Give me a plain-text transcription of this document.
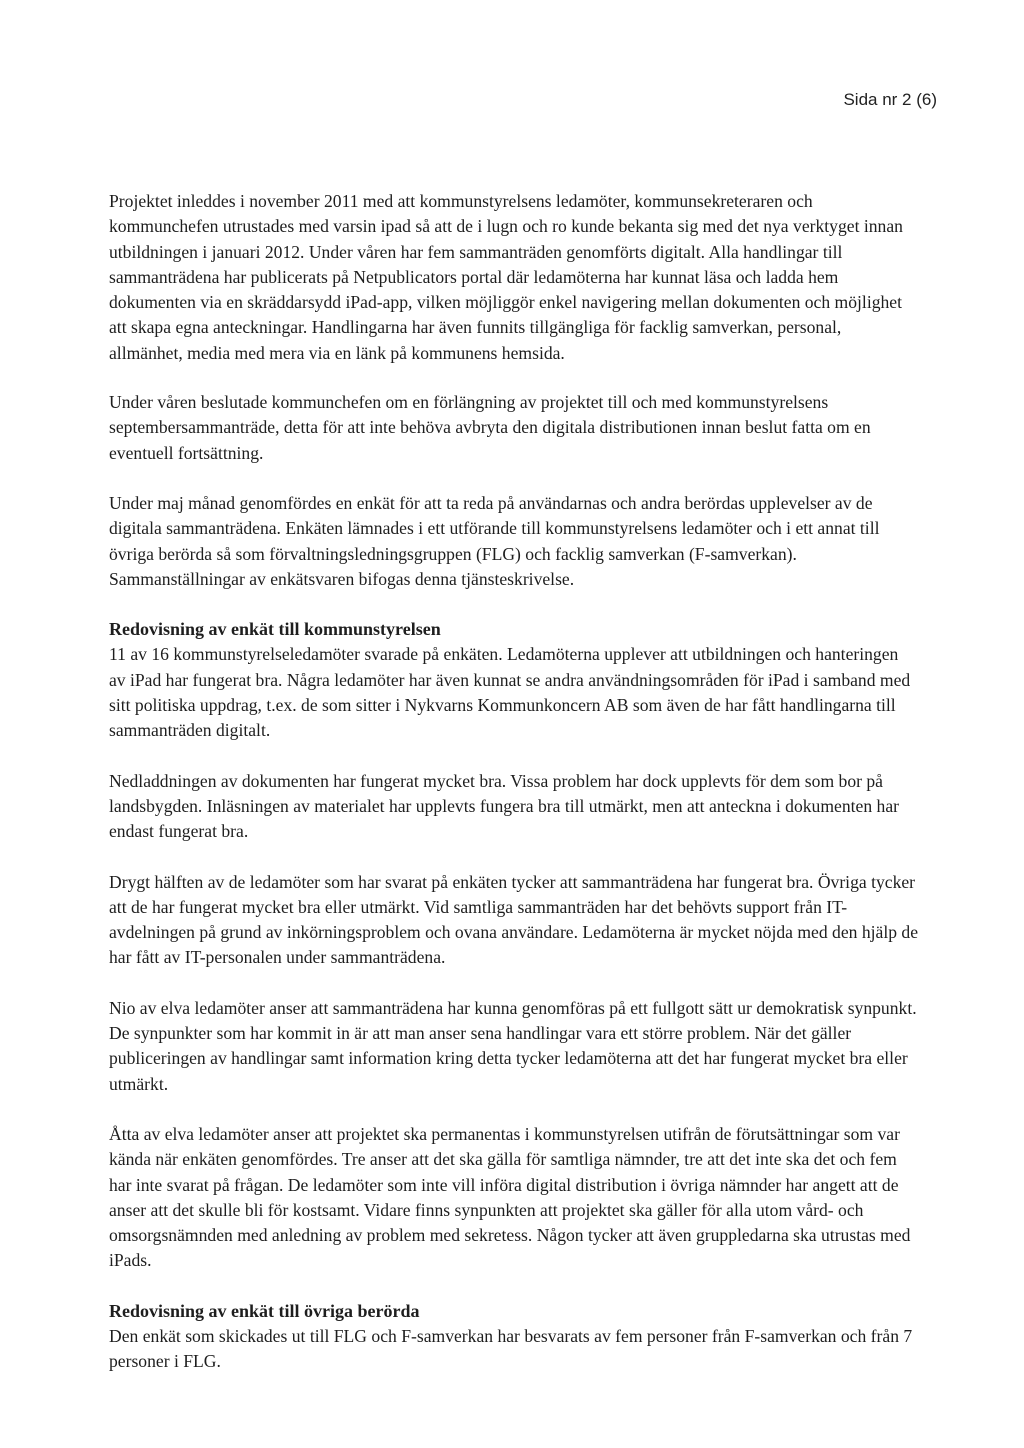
Sida nr 2 (6)

Projektet inleddes i november 2011 med att kommunstyrelsens ledamöter, kommunsekreteraren och kommunchefen utrustades med varsin ipad så att de i lugn och ro kunde bekanta sig med det nya verktyget innan utbildningen i januari 2012. Under våren har fem sammanträden genomförts digitalt. Alla handlingar till sammanträdena har publicerats på Netpublicators portal där ledamöterna har kunnat läsa och ladda hem dokumenten via en skräddarsydd iPad-app, vilken möjliggör enkel navigering mellan dokumenten och möjlighet att skapa egna anteckningar. Handlingarna har även funnits tillgängliga för facklig samverkan, personal, allmänhet, media med mera via en länk på kommunens hemsida.

Under våren beslutade kommunchefen om en förlängning av projektet till och med kommunstyrelsens septembersammanträde, detta för att inte behöva avbryta den digitala distributionen innan beslut fatta om en eventuell fortsättning.

Under maj månad genomfördes en enkät för att ta reda på användarnas och andra berördas upplevelser av de digitala sammanträdena. Enkäten lämnades i ett utförande till kommunstyrelsens ledamöter och i ett annat till övriga berörda så som förvaltningsledningsgruppen (FLG) och facklig samverkan (F-samverkan). Sammanställningar av enkätsvaren bifogas denna tjänsteskrivelse.

Redovisning av enkät till kommunstyrelsen

11 av 16 kommunstyrelseledamöter svarade på enkäten. Ledamöterna upplever att utbildningen och hanteringen av iPad har fungerat bra. Några ledamöter har även kunnat se andra användningsområden för iPad i samband med sitt politiska uppdrag, t.ex. de som sitter i Nykvarns Kommunkoncern AB som även de har fått handlingarna till sammanträden digitalt.

Nedladdningen av dokumenten har fungerat mycket bra. Vissa problem har dock upplevts för dem som bor på landsbygden. Inläsningen av materialet har upplevts fungera bra till utmärkt, men att anteckna i dokumenten har endast fungerat bra.

Drygt hälften av de ledamöter som har svarat på enkäten tycker att sammanträdena har fungerat bra. Övriga tycker att de har fungerat mycket bra eller utmärkt. Vid samtliga sammanträden har det behövts support från IT-avdelningen på grund av inkörningsproblem och ovana användare. Ledamöterna är mycket nöjda med den hjälp de har fått av IT-personalen under sammanträdena.

Nio av elva ledamöter anser att sammanträdena har kunna genomföras på ett fullgott sätt ur demokratisk synpunkt. De synpunkter som har kommit in är att man anser sena handlingar vara ett större problem. När det gäller publiceringen av handlingar samt information kring detta tycker ledamöterna att det har fungerat mycket bra eller utmärkt.

Åtta av elva ledamöter anser att projektet ska permanentas i kommunstyrelsen utifrån de förutsättningar som var kända när enkäten genomfördes. Tre anser att det ska gälla för samtliga nämnder, tre att det inte ska det och fem har inte svarat på frågan. De ledamöter som inte vill införa digital distribution i övriga nämnder har angett att de anser att det skulle bli för kostsamt. Vidare finns synpunkten att projektet ska gäller för alla utom vård- och omsorgsnämnden med anledning av problem med sekretess. Någon tycker att även gruppledarna ska utrustas med iPads.

Redovisning av enkät till övriga berörda

Den enkät som skickades ut till FLG och F-samverkan har besvarats av fem personer från F-samverkan och från 7 personer i FLG.
